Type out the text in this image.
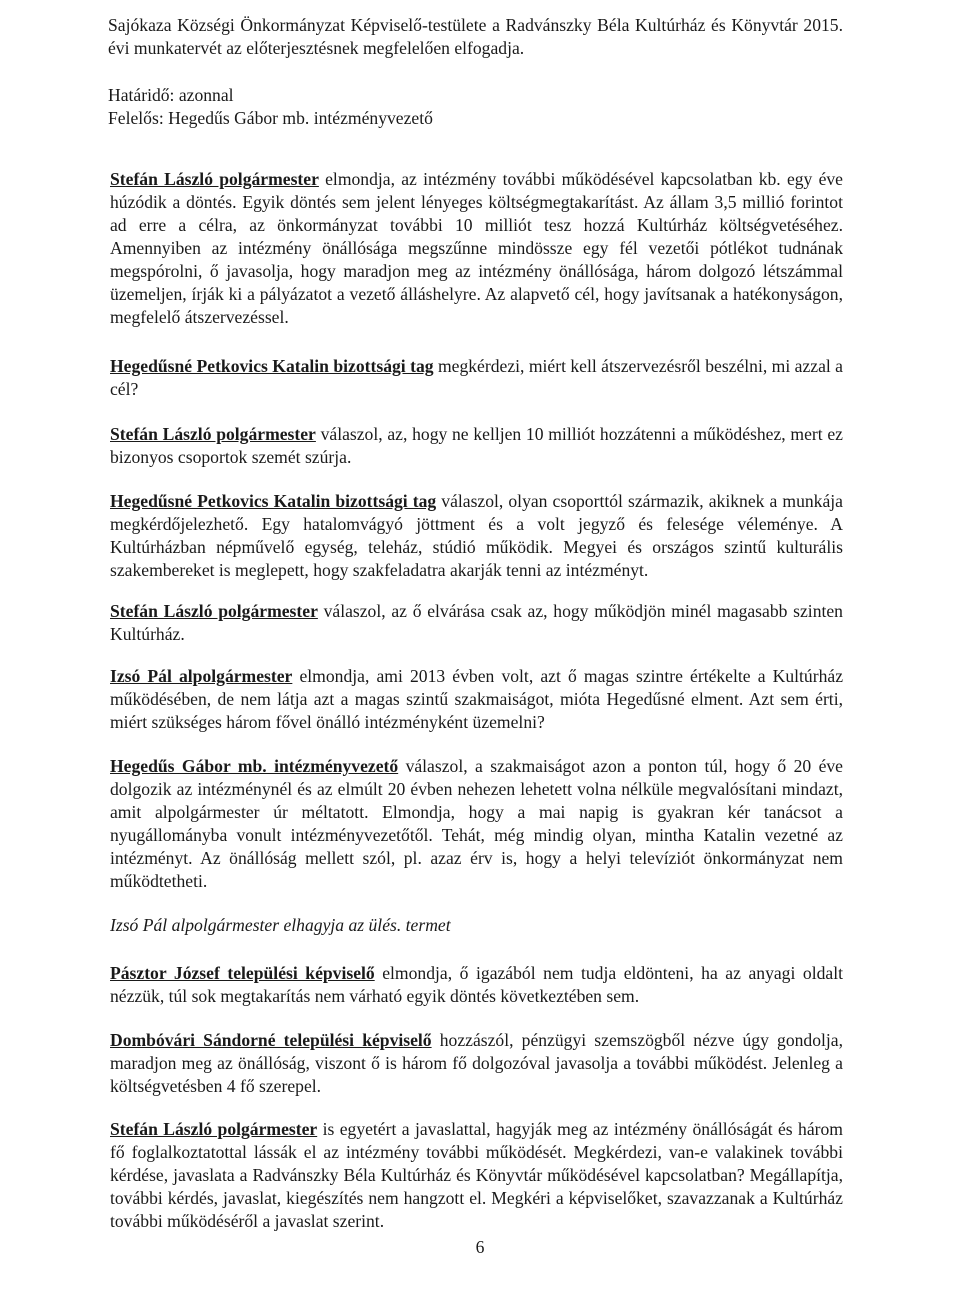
Sajókaza Községi Önkormányzat Képviselő-testülete a Radvánszky Béla Kultúrház és Könyvtár 2015. évi munkatervét az előterjesztésnek megfelelően elfogadja.
Határidő: azonnal
Felelős: Hegedűs Gábor mb. intézményvezető
Stefán László polgármester elmondja, az intézmény további működésével kapcsolatban kb. egy éve húzódik a döntés. Egyik döntés sem jelent lényeges költségmegtakarítást. Az állam 3,5 millió forintot ad erre a célra, az önkormányzat további 10 milliót tesz hozzá Kultúrház költségvetéséhez. Amennyiben az intézmény önállósága megszűnne mindössze egy fél vezetői pótlékot tudnának megspórolni, ő javasolja, hogy maradjon meg az intézmény önállósága, három dolgozó létszámmal üzemeljen, írják ki a pályázatot a vezető álláshelyre. Az alapvető cél, hogy javítsanak a hatékonyságon, megfelelő átszervezéssel.
Hegedűsné Petkovics Katalin bizottsági tag megkérdezi, miért kell átszervezésről beszélni, mi azzal a cél?
Stefán László polgármester válaszol, az, hogy ne kelljen 10 milliót hozzátenni a működéshez, mert ez bizonyos csoportok szemét szúrja.
Hegedűsné Petkovics Katalin bizottsági tag válaszol, olyan csoporttól származik, akiknek a munkája megkérdőjelezhető. Egy hatalomvágyó jöttment és a volt jegyző és felesége véleménye. A Kultúrházban népművelő egység, teleház, stúdió működik. Megyei és országos szintű kulturális szakembereket is meglepett, hogy szakfeladatra akarják tenni az intézményt.
Stefán László polgármester válaszol, az ő elvárása csak az, hogy működjön minél magasabb szinten Kultúrház.
Izsó Pál alpolgármester elmondja, ami 2013 évben volt, azt ő magas szintre értékelte a Kultúrház működésében, de nem látja azt a magas szintű szakmaiságot, mióta Hegedűsné elment. Azt sem érti, miért szükséges három fővel önálló intézményként üzemelni?
Hegedűs Gábor mb. intézményvezető válaszol, a szakmaiságot azon a ponton túl, hogy ő 20 éve dolgozik az intézménynél és az elmúlt 20 évben nehezen lehetett volna nélküle megvalósítani mindazt, amit alpolgármester úr méltatott. Elmondja, hogy a mai napig is gyakran kér tanácsot a nyugállományba vonult intézményvezetőtől. Tehát, még mindig olyan, mintha Katalin vezetné az intézményt. Az önállóság mellett szól, pl. azaz érv is, hogy a helyi televíziót önkormányzat nem működtetheti.
Izsó Pál alpolgármester elhagyja az ülés. termet
Pásztor József települési képviselő elmondja, ő igazából nem tudja eldönteni, ha az anyagi oldalt nézzük, túl sok megtakarítás nem várható egyik döntés következtében sem.
Dombóvári Sándorné települési képviselő hozzászól, pénzügyi szemszögből nézve úgy gondolja, maradjon meg az önállóság, viszont ő is három fő dolgozóval javasolja a további működést. Jelenleg a költségvetésben 4 fő szerepel.
Stefán László polgármester is egyetért a javaslattal, hagyják meg az intézmény önállóságát és három fő foglalkoztatottal lássák el az intézmény további működését. Megkérdezi, van-e valakinek további kérdése, javaslata a Radvánszky Béla Kultúrház és Könyvtár működésével kapcsolatban? Megállapítja, további kérdés, javaslat, kiegészítés nem hangzott el. Megkéri a képviselőket, szavazzanak a Kultúrház további működéséről a javaslat szerint.
6
